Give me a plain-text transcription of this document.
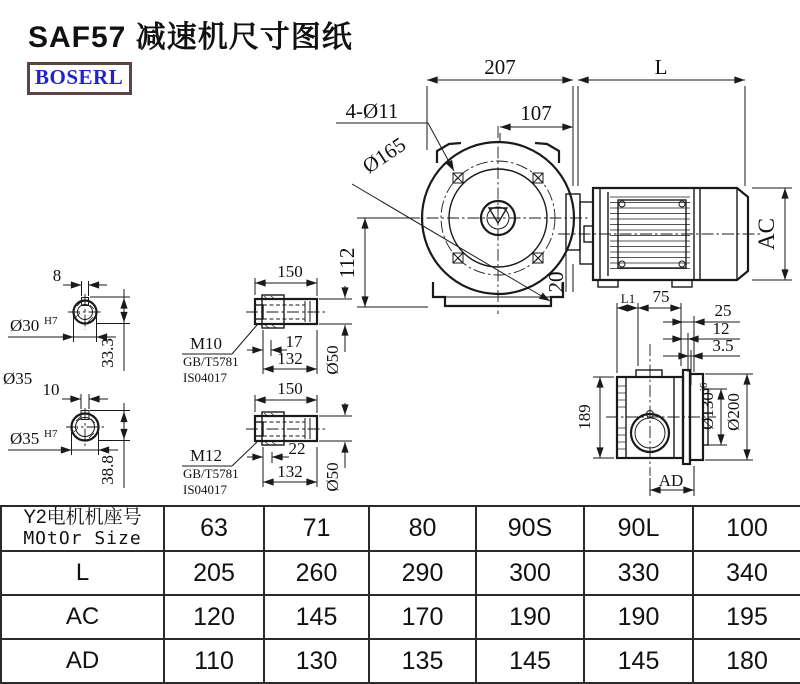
SAF57 减速机尺寸图纸
BOSERL	207	L
107
4-Ø11
Ø165
112
AC
20
8
Ø30 H7
33.3
Ø35
10
Ø35 H7
38.8
150
17
132 Ø50
M10
GB/T5781
IS04017
150
22
132 Ø50
M12
GB/T5781
IS04017
189
L1 75
25
12
3.5
Ø130
j6
Ø200
AD
Y2电机机座号
MOtOr Size	63	71	80	90S	90L	100
L	205	260	290	300	330	340
AC	120	145	170	190	190	195
AD	110	130	135	145	145	180
